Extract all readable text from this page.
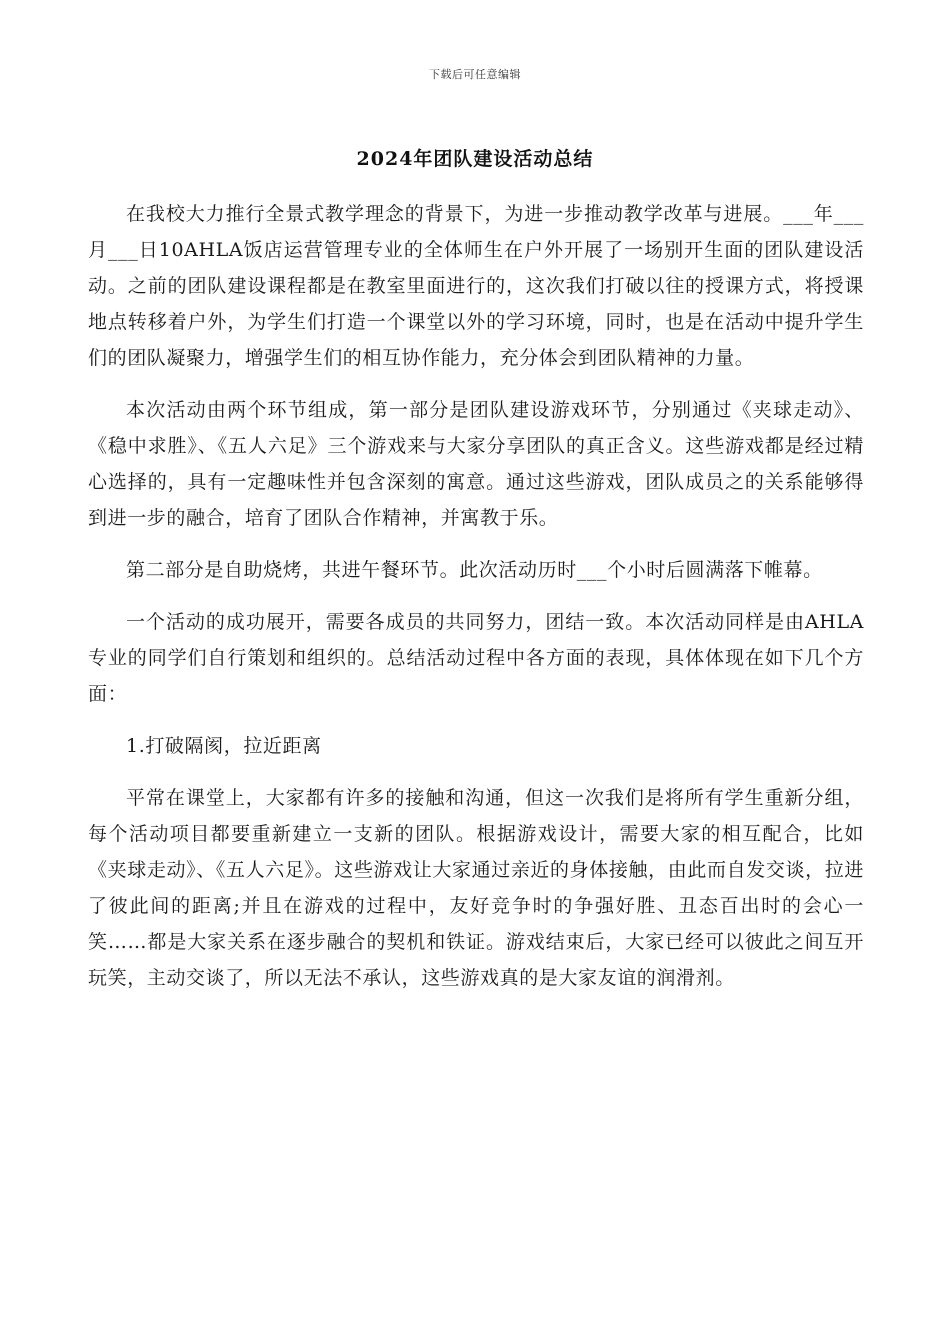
下载后可任意编辑
2024年团队建设活动总结

在我校大力推行全景式教学理念的背景下，为进一步推动教学改革与进展。___年___月___日10AHLA饭店运营管理专业的全体师生在户外开展了一场别开生面的团队建设活动。之前的团队建设课程都是在教室里面进行的，这次我们打破以往的授课方式，将授课地点转移着户外，为学生们打造一个课堂以外的学习环境，同时，也是在活动中提升学生们的团队凝聚力，增强学生们的相互协作能力，充分体会到团队精神的力量。

本次活动由两个环节组成，第一部分是团队建设游戏环节，分别通过《夹球走动》、《稳中求胜》、《五人六足》三个游戏来与大家分享团队的真正含义。这些游戏都是经过精心选择的，具有一定趣味性并包含深刻的寓意。通过这些游戏，团队成员之的关系能够得到进一步的融合，培育了团队合作精神，并寓教于乐。

第二部分是自助烧烤，共进午餐环节。此次活动历时___个小时后圆满落下帷幕。

一个活动的成功展开，需要各成员的共同努力，团结一致。本次活动同样是由AHLA专业的同学们自行策划和组织的。总结活动过程中各方面的表现，具体体现在如下几个方面：

1.打破隔阂，拉近距离

平常在课堂上，大家都有许多的接触和沟通，但这一次我们是将所有学生重新分组，每个活动项目都要重新建立一支新的团队。根据游戏设计，需要大家的相互配合，比如《夹球走动》、《五人六足》。这些游戏让大家通过亲近的身体接触，由此而自发交谈，拉进了彼此间的距离;并且在游戏的过程中，友好竞争时的争强好胜、丑态百出时的会心一笑……都是大家关系在逐步融合的契机和铁证。游戏结束后，大家已经可以彼此之间互开玩笑，主动交谈了，所以无法不承认，这些游戏真的是大家友谊的润滑剂。
